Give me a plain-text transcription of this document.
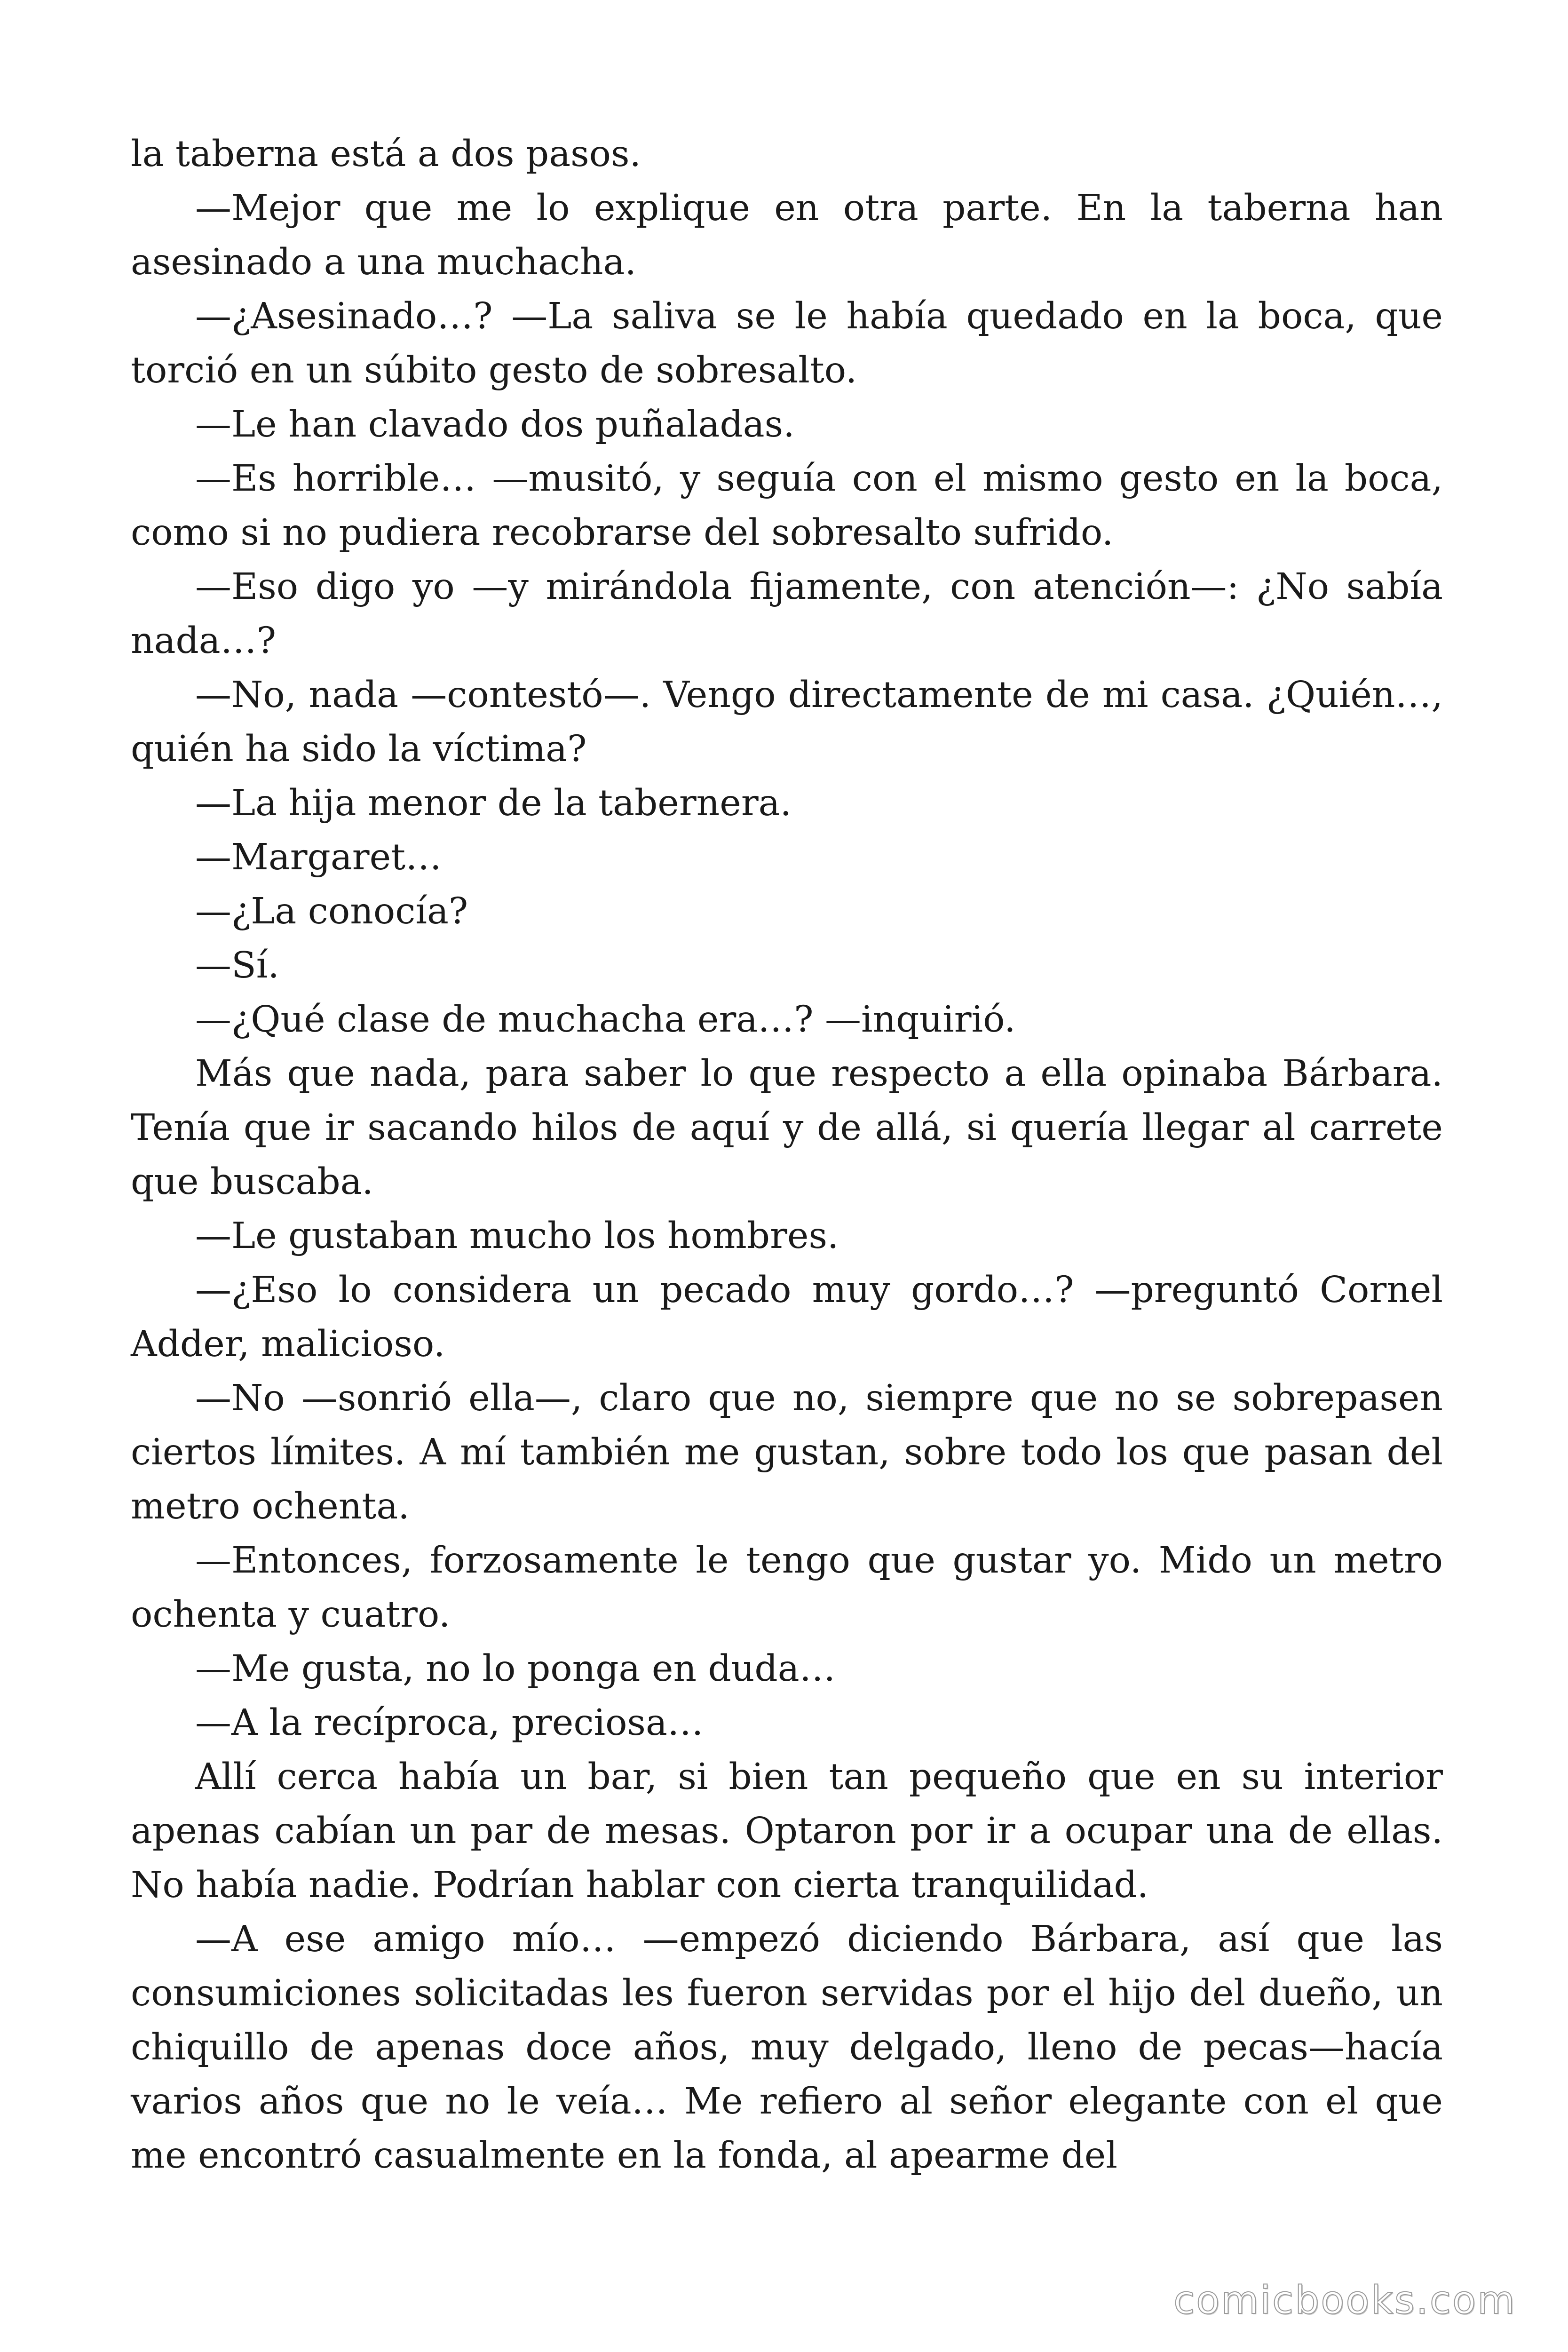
la taberna está a dos pasos.

—Mejor que me lo explique en otra parte. En la taberna han asesinado a una muchacha.

—¿Asesinado…? —La saliva se le había quedado en la boca, que torció en un súbito gesto de sobresalto.

—Le han clavado dos puñaladas.

—Es horrible… —musitó, y seguía con el mismo gesto en la boca, como si no pudiera recobrarse del sobresalto sufrido.

—Eso digo yo —y mirándola fijamente, con atención—: ¿No sabía nada…?

—No, nada —contestó—. Vengo directamente de mi casa. ¿Quién…, quién ha sido la víctima?

—La hija menor de la tabernera.

—Margaret…

—¿La conocía?

—Sí.

—¿Qué clase de muchacha era…? —inquirió.

Más que nada, para saber lo que respecto a ella opinaba Bárbara. Tenía que ir sacando hilos de aquí y de allá, si quería llegar al carrete que buscaba.

—Le gustaban mucho los hombres.

—¿Eso lo considera un pecado muy gordo…? —preguntó Cornel Adder, malicioso.

—No —sonrió ella—, claro que no, siempre que no se sobrepasen ciertos límites. A mí también me gustan, sobre todo los que pasan del metro ochenta.

—Entonces, forzosamente le tengo que gustar yo. Mido un metro ochenta y cuatro.

—Me gusta, no lo ponga en duda…

—A la recíproca, preciosa…

Allí cerca había un bar, si bien tan pequeño que en su interior apenas cabían un par de mesas. Optaron por ir a ocupar una de ellas. No había nadie. Podrían hablar con cierta tranquilidad.

—A ese amigo mío… —empezó diciendo Bárbara, así que las consumiciones solicitadas les fueron servidas por el hijo del dueño, un chiquillo de apenas doce años, muy delgado, lleno de pecas—hacía varios años que no le veía… Me refiero al señor elegante con el que me encontró casualmente en la fonda, al apearme del

comicbooks.com
